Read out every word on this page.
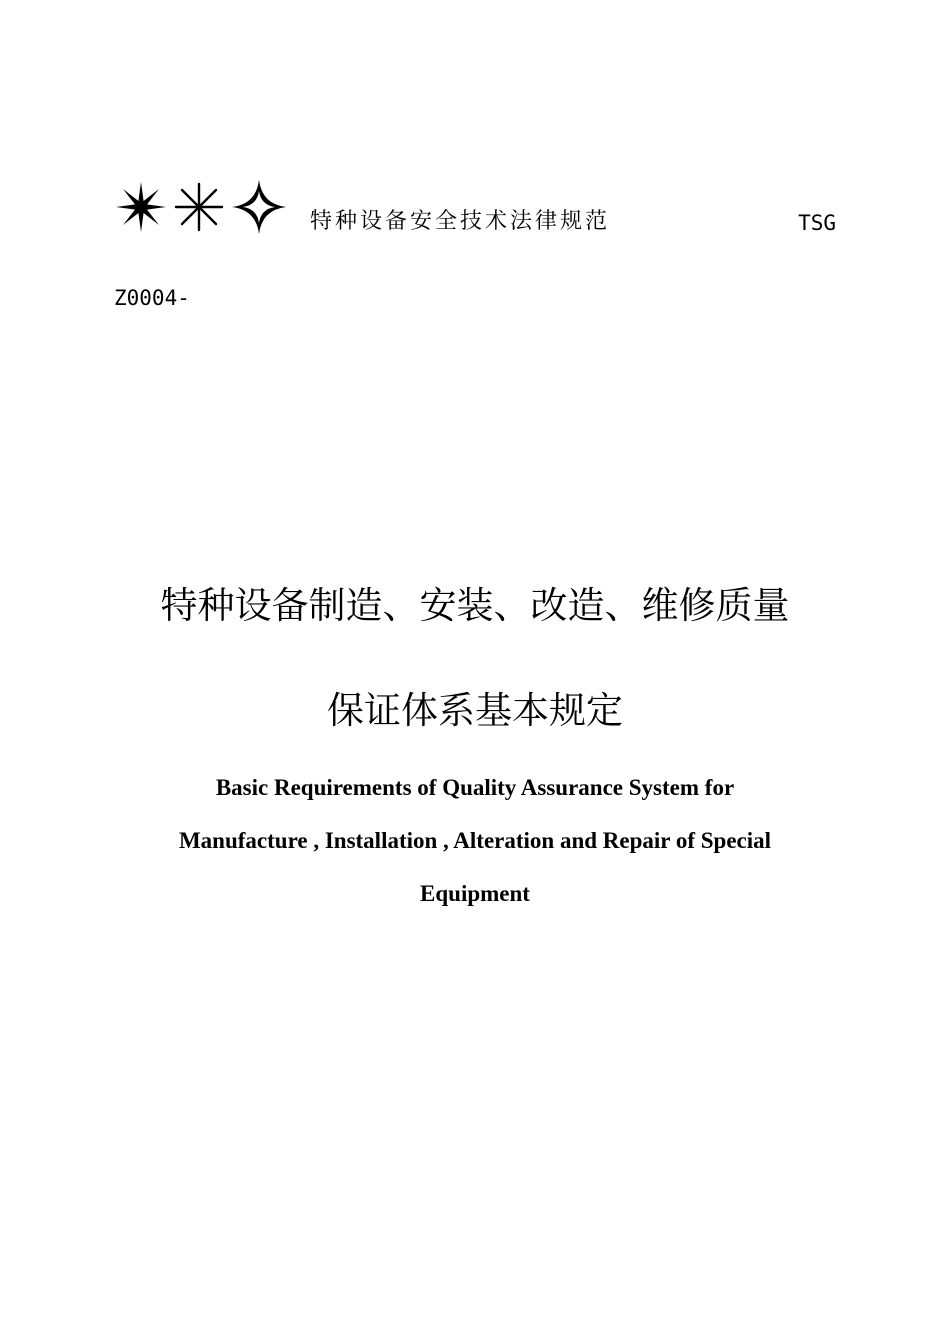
特种设备安全技术法律规范	TSG
Z0004-
特种设备制造、安装、改造、维修质量
保证体系基本规定
Basic Requirements of Quality Assurance System for
Manufacture , Installation , Alteration and Repair of Special
Equipment
